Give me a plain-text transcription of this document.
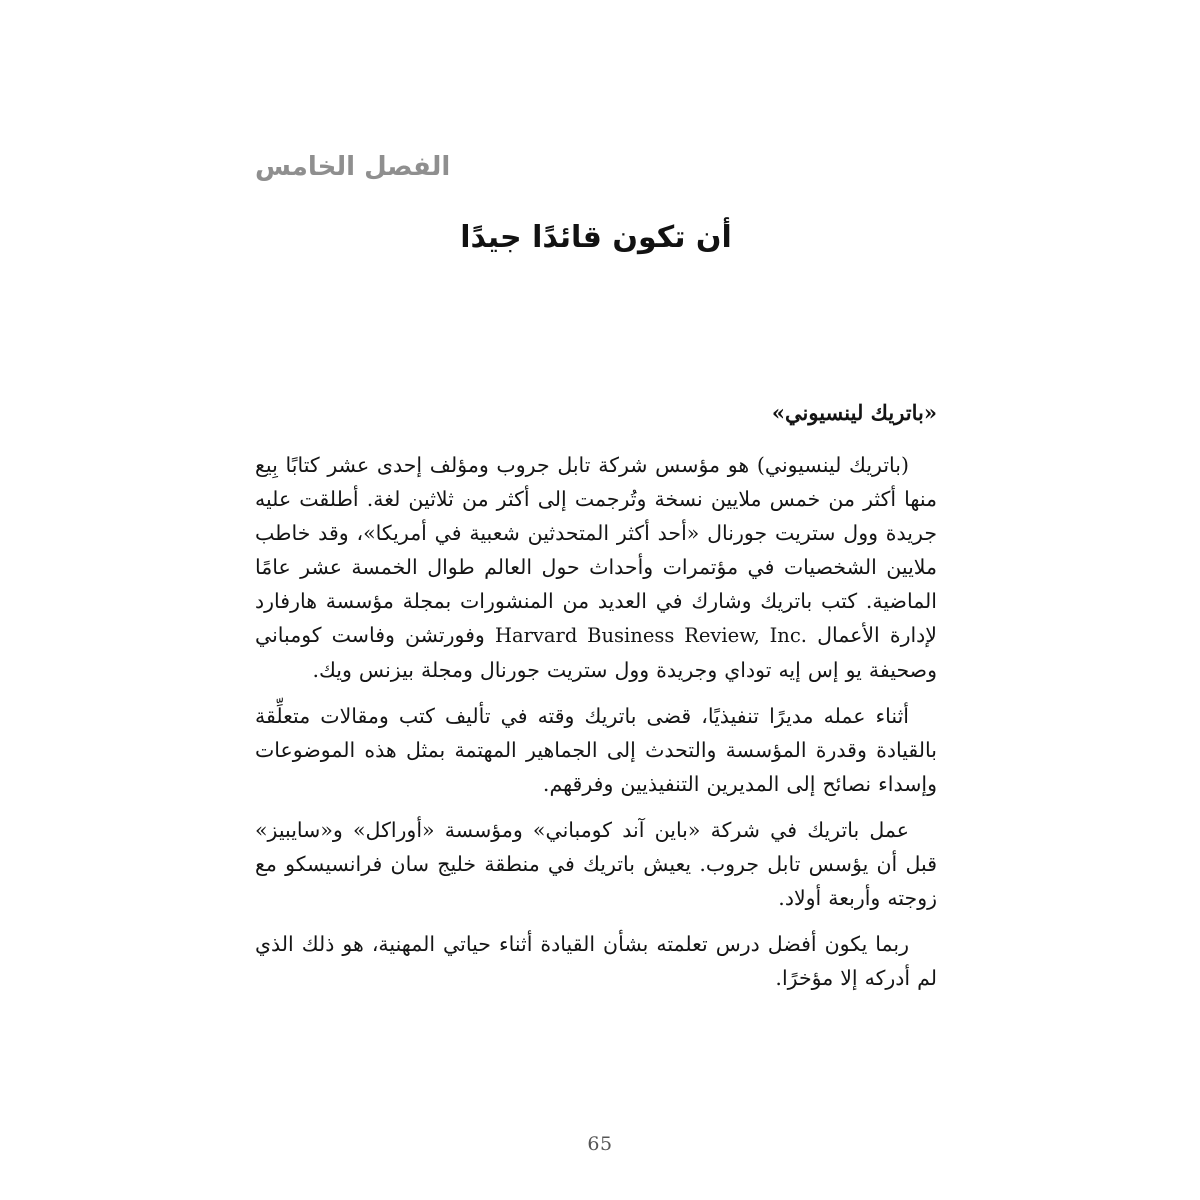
الفصل الخامس
أن تكون قائدًا جيدًا
«باتريك لينسيوني»

(باتريك لينسيوني) هو مؤسس شركة تابل جروب ومؤلف إحدى عشر كتابًا بِيع منها أكثر من خمس ملايين نسخة وتُرجمت إلى أكثر من ثلاثين لغة. أطلقت عليه جريدة وول ستريت جورنال «أحد أكثر المتحدثين شعبية في أمريكا»، وقد خاطب ملايين الشخصيات في مؤتمرات وأحداث حول العالم طوال الخمسة عشر عامًا الماضية. كتب باتريك وشارك في العديد من المنشورات بمجلة مؤسسة هارفارد لإدارة الأعمال Harvard Business Review, Inc. وفورتشن وفاست كومباني وصحيفة يو إس إيه توداي وجريدة وول ستريت جورنال ومجلة بيزنس ويك.

أثناء عمله مديرًا تنفيذيًا، قضى باتريك وقته في تأليف كتب ومقالات متعلِّقة بالقيادة وقدرة المؤسسة والتحدث إلى الجماهير المهتمة بمثل هذه الموضوعات وإسداء نصائح إلى المديرين التنفيذيين وفرقهم.

عمل باتريك في شركة «باين آند كومباني» ومؤسسة «أوراكل» و«سايبيز» قبل أن يؤسس تابل جروب. يعيش باتريك في منطقة خليج سان فرانسيسكو مع زوجته وأربعة أولاد.

ربما يكون أفضل درس تعلمته بشأن القيادة أثناء حياتي المهنية، هو ذلك الذي لم أدركه إلا مؤخرًا.

65
